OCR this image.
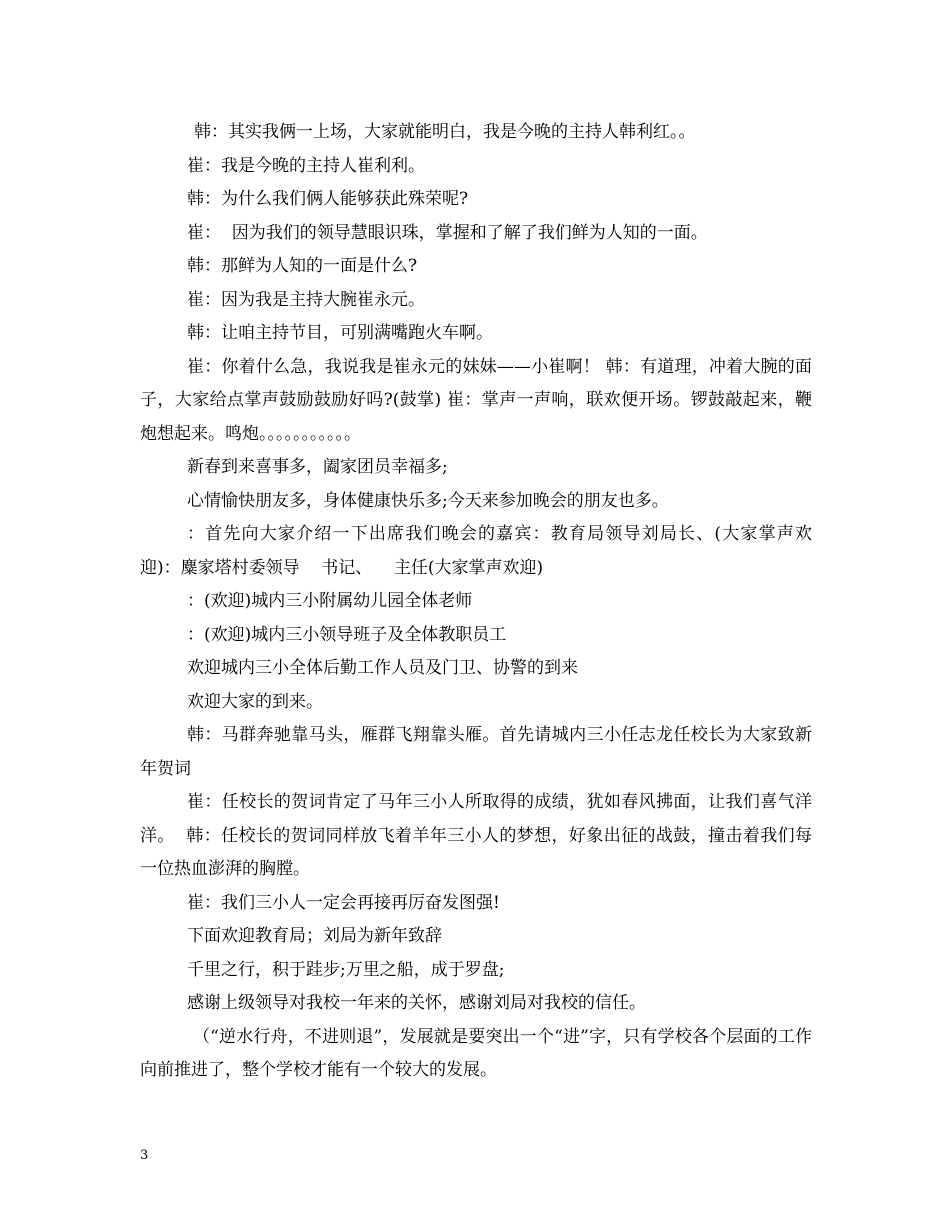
韩：其实我俩一上场，大家就能明白，我是今晚的主持人韩利红。。

崔：我是今晚的主持人崔利利。

韩：为什么我们俩人能够获此殊荣呢?

崔：  因为我们的领导慧眼识珠，掌握和了解了我们鲜为人知的一面。

韩：那鲜为人知的一面是什么?

崔：因为我是主持大腕崔永元。

韩：让咱主持节目，可别满嘴跑火车啊。

崔：你着什么急，我说我是崔永元的妹妹——小崔啊！ 韩：有道理，冲着大腕的面子，大家给点掌声鼓励鼓励好吗?(鼓掌) 崔：掌声一声响，联欢便开场。锣鼓敲起来，鞭炮想起来。鸣炮。。。。。。。。。。。

新春到来喜事多，阖家团员幸福多;

心情愉快朋友多，身体健康快乐多;今天来参加晚会的朋友也多。

：首先向大家介绍一下出席我们晚会的嘉宾：教育局领导刘局长、(大家掌声欢迎)：麋家塔村委领导    书记、    主任(大家掌声欢迎)

：(欢迎)城内三小附属幼儿园全体老师

：(欢迎)城内三小领导班子及全体教职员工

欢迎城内三小全体后勤工作人员及门卫、协警的到来

欢迎大家的到来。

韩：马群奔驰靠马头，雁群飞翔靠头雁。首先请城内三小任志龙任校长为大家致新年贺词

崔：任校长的贺词肯定了马年三小人所取得的成绩，犹如春风拂面，让我们喜气洋洋。  韩：任校长的贺词同样放飞着羊年三小人的梦想，好象出征的战鼓，撞击着我们每一位热血澎湃的胸膛。

崔：我们三小人一定会再接再厉奋发图强!

下面欢迎教育局；刘局为新年致辞

千里之行，积于跬步;万里之船，成于罗盘;

感谢上级领导对我校一年来的关怀，感谢刘局对我校的信任。

（“逆水行舟，不进则退”，发展就是要突出一个“进”字，只有学校各个层面的工作向前推进了，整个学校才能有一个较大的发展。

3
